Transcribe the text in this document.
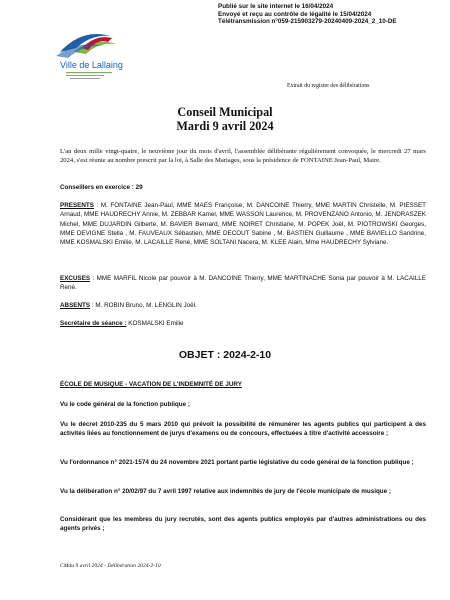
Publié sur le site internet le 16/04/2024
Envoyé et reçu au contrôle de légalité le 15/04/2024
Télétransmission n°059-215903279-20240409-2024_2_10-DE
Ville de Lallaing
Extrait du registre des délibérations
Conseil Municipal
Mardi 9 avril 2024
L'an deux mille vingt-quatre, le neuvième jour du mois d'avril, l'assemblée délibérante régulièrement convoquée, le mercredi 27 mars 2024, s'est réunie au nombre prescrit par la loi, à Salle des Mariages, sous la présidence de FONTAINE Jean-Paul, Maire.
Conseillers en exercice : 29
PRESENTS : M. FONTAINE Jean-Paul, MME MAES Françoise, M. DANCOINE Thierry, MME MARTIN Christelle, M. PIESSET Arnaud, MME HAUDRECHY Annie, M. ZEBBAR Kamel, MME WASSON Laurence, M. PROVENZANO Antonio, M. JENDRASZEK Michel, MME DUJARDIN Gilberte, M. BAVIER Bernard, MME NOIRET Christiane, M. POPEK Joël, M. PIOTROWSKI Georges, MME DEVIGNE Stella , M. FAUVEAUX Sébastien, MME DECOUT Sabine , M. BASTIEN Guillaume , MME BAVIELLO Sandrine, MME KOSMALSKI Emilie, M. LACAILLE René, MME SOLTANI Nacera, M. KLEE Alain, Mme HAUDRECHY Sylviane.
EXCUSES : MME MARFIL Nicole par pouvoir à M. DANCOINE Thierry, MME MARTINACHE Sonia par pouvoir à M. LACAILLE René.
ABSENTS : M. ROBIN Bruno, M. LENGLIN Joël.
Secrétaire de séance : KOSMALSKI Emilie
OBJET : 2024-2-10
ÉCOLE DE MUSIQUE - VACATION DE L'INDEMNITÉ DE JURY
Vu le code général de la fonction publique ;
Vu le décret 2010-235 du 5 mars 2010 qui prévoit la possibilité de rémunérer les agents publics qui participent à des activités liées au fonctionnement de jurys d'examens ou de concours, effectuées à titre d'activité accessoire ;
Vu l'ordonnance n° 2021-1574 du 24 novembre 2021 portant partie législative du code général de la fonction publique ;
Vu la délibération n° 20/02/97 du 7 avril 1997 relative aux indemnités de jury de l'école municipale de musique ;
Considérant que les membres du jury recrutés, sont des agents publics employés par d'autres administrations ou des agents privés ;
CMdu 9 avril 2024 - Délibération 2024-2-10
